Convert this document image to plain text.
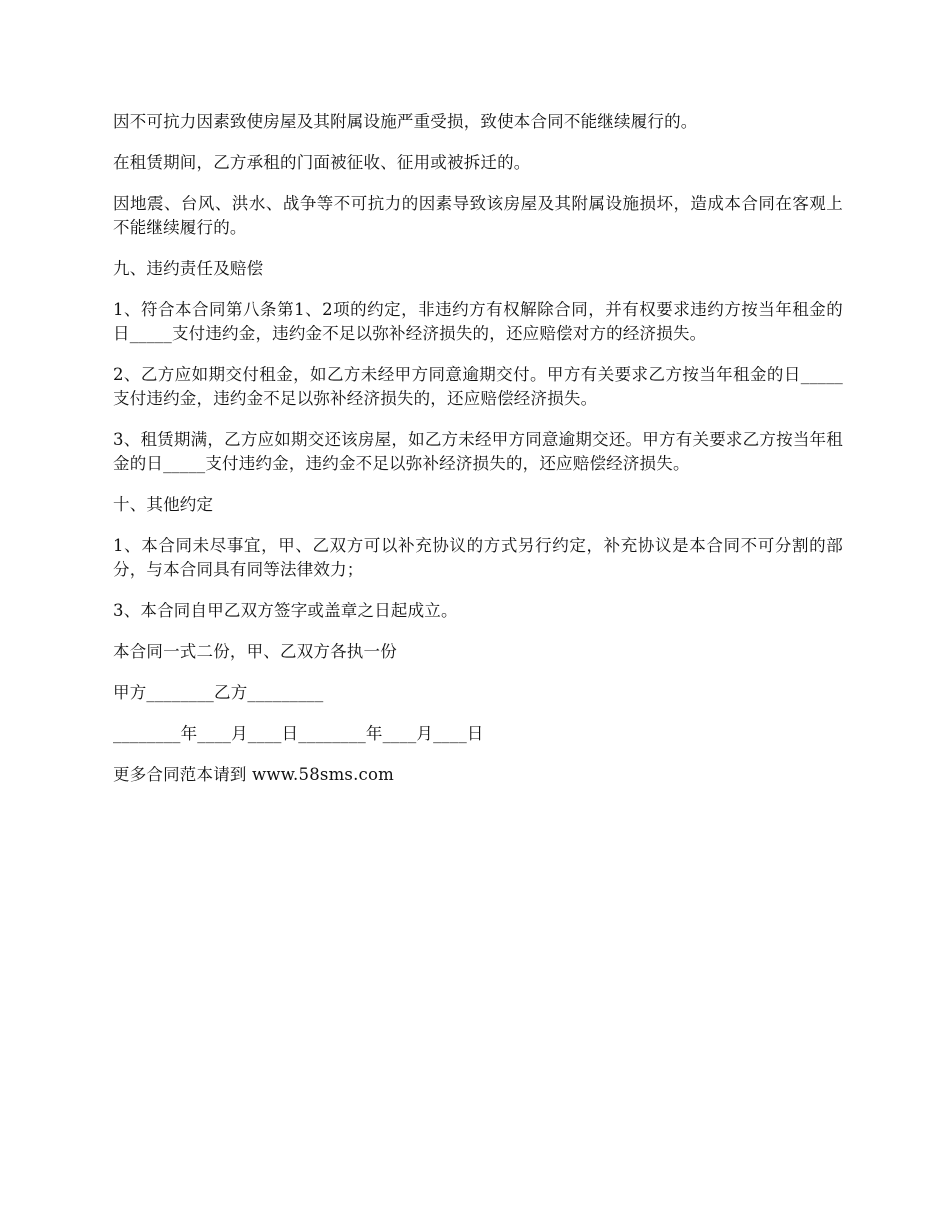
因不可抗力因素致使房屋及其附属设施严重受损，致使本合同不能继续履行的。

在租赁期间，乙方承租的门面被征收、征用或被拆迁的。

因地震、台风、洪水、战争等不可抗力的因素导致该房屋及其附属设施损坏，造成本合同在客观上不能继续履行的。

九、违约责任及赔偿

1、符合本合同第八条第1、2项的约定，非违约方有权解除合同，并有权要求违约方按当年租金的日_____支付违约金，违约金不足以弥补经济损失的，还应赔偿对方的经济损失。

2、乙方应如期交付租金，如乙方未经甲方同意逾期交付。甲方有关要求乙方按当年租金的日_____支付违约金，违约金不足以弥补经济损失的，还应赔偿经济损失。

3、租赁期满，乙方应如期交还该房屋，如乙方未经甲方同意逾期交还。甲方有关要求乙方按当年租金的日_____支付违约金，违约金不足以弥补经济损失的，还应赔偿经济损失。

十、其他约定

1、本合同未尽事宜，甲、乙双方可以补充协议的方式另行约定，补充协议是本合同不可分割的部分，与本合同具有同等法律效力；

3、本合同自甲乙双方签字或盖章之日起成立。

本合同一式二份，甲、乙双方各执一份

甲方________乙方_________

________年____月____日________年____月____日

更多合同范本请到 www.58sms.com
